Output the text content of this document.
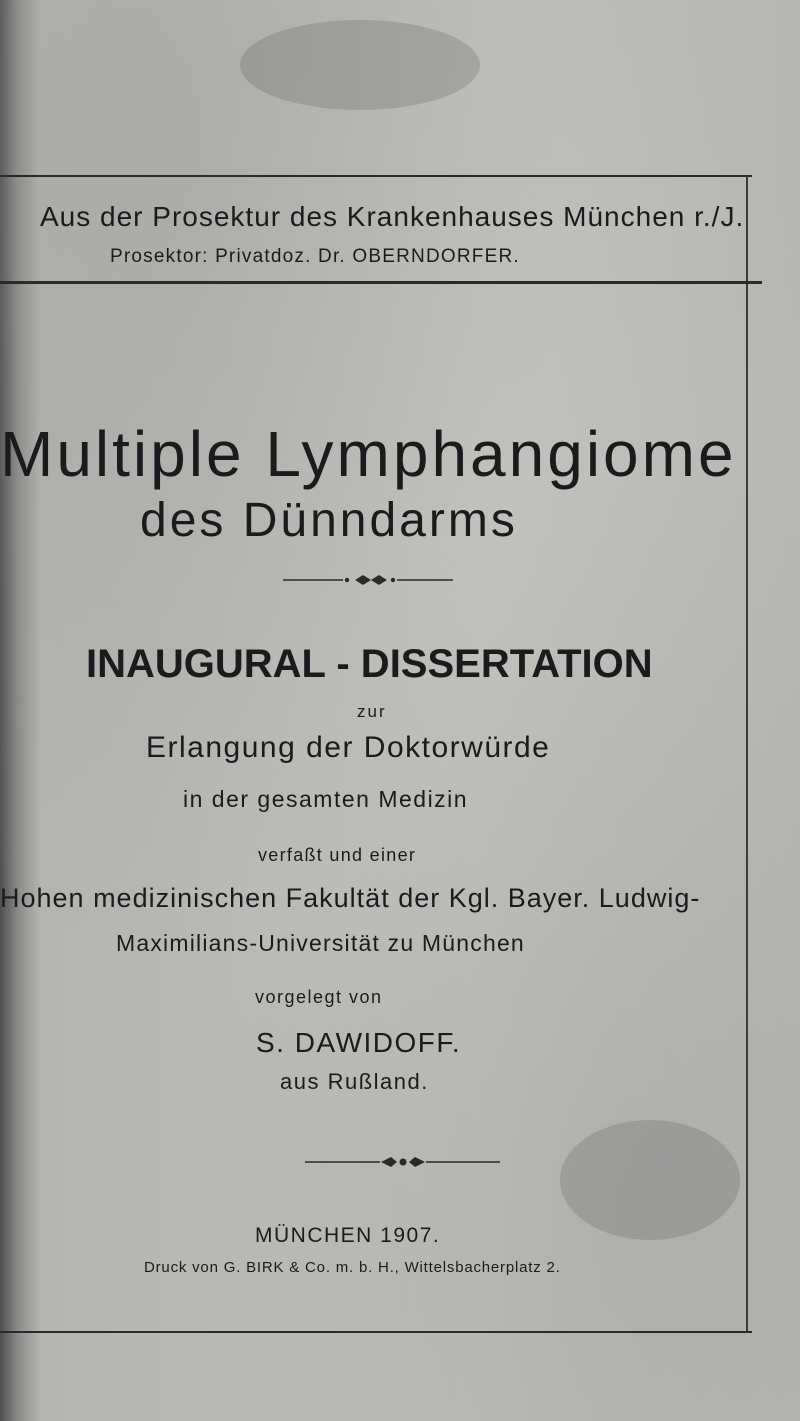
Aus der Prosektur des Krankenhauses München r./J.

Prosektor: Privatdoz. Dr. OBERNDORFER.

Multiple Lymphangiome
des Dünndarms

INAUGURAL - DISSERTATION

zur

Erlangung der Doktorwürde

in der gesamten Medizin

verfaßt und einer

Hohen medizinischen Fakultät der Kgl. Bayer. Ludwig-

Maximilians-Universität zu München

vorgelegt von

S. DAWIDOFF.

aus Rußland.

MÜNCHEN 1907.

Druck von G. BIRK & Co. m. b. H., Wittelsbacherplatz 2.
